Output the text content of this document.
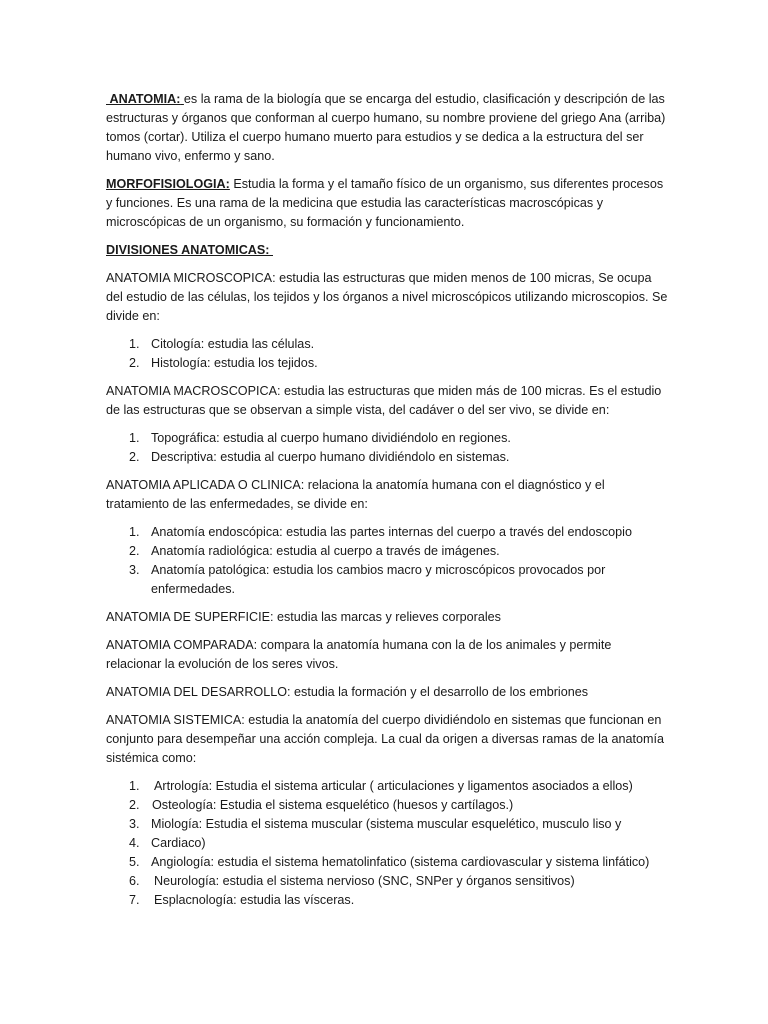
ANATOMIA: es la rama de la biología que se encarga del estudio, clasificación y descripción de las estructuras y órganos que conforman al cuerpo humano, su nombre proviene del griego Ana (arriba) tomos (cortar). Utiliza el cuerpo humano muerto para estudios y se dedica a la estructura del ser humano vivo, enfermo y sano.

MORFOFISIOLOGIA: Estudia la forma y el tamaño físico de un organismo, sus diferentes procesos y funciones. Es una rama de la medicina que estudia las características macroscópicas y microscópicas de un organismo, su formación y funcionamiento.

DIVISIONES ANATOMICAS:

ANATOMIA MICROSCOPICA: estudia las estructuras que miden menos de 100 micras, Se ocupa del estudio de las células, los tejidos y los órganos a nivel microscópicos utilizando microscopios. Se divide en:

1. Citología: estudia las células.
2. Histología: estudia los tejidos.

ANATOMIA MACROSCOPICA: estudia las estructuras que miden más de 100 micras. Es el estudio de las estructuras que se observan a simple vista, del cadáver o del ser vivo, se divide en:

1. Topográfica: estudia al cuerpo humano dividiéndolo en regiones.
2. Descriptiva: estudia al cuerpo humano dividiéndolo en sistemas.

ANATOMIA APLICADA O CLINICA: relaciona la anatomía humana con el diagnóstico y el tratamiento de las enfermedades, se divide en:

1. Anatomía endoscópica: estudia las partes internas del cuerpo a través del endoscopio
2. Anatomía radiológica: estudia al cuerpo a través de imágenes.
3. Anatomía patológica: estudia los cambios macro y microscópicos provocados por enfermedades.

ANATOMIA DE SUPERFICIE: estudia las marcas y relieves corporales

ANATOMIA COMPARADA: compara la anatomía humana con la de los animales y permite relacionar la evolución de los seres vivos.

ANATOMIA DEL DESARROLLO: estudia la formación y el desarrollo de los embriones

ANATOMIA SISTEMICA: estudia la anatomía del cuerpo dividiéndolo en sistemas que funcionan en conjunto para desempeñar una acción compleja. La cual da origen a diversas ramas de la anatomía sistémica como:

1. Artrología: Estudia el sistema articular ( articulaciones y ligamentos asociados a ellos)
2. Osteología: Estudia el sistema esquelético (huesos y cartílagos.)
3. Miología: Estudia el sistema muscular (sistema muscular esquelético, musculo liso y
4. Cardiaco)
5. Angiología: estudia el sistema hematolinfatico (sistema cardiovascular y sistema linfático)
6. Neurología: estudia el sistema nervioso (SNC, SNPer y órganos sensitivos)
7. Esplacnología: estudia las vísceras.
